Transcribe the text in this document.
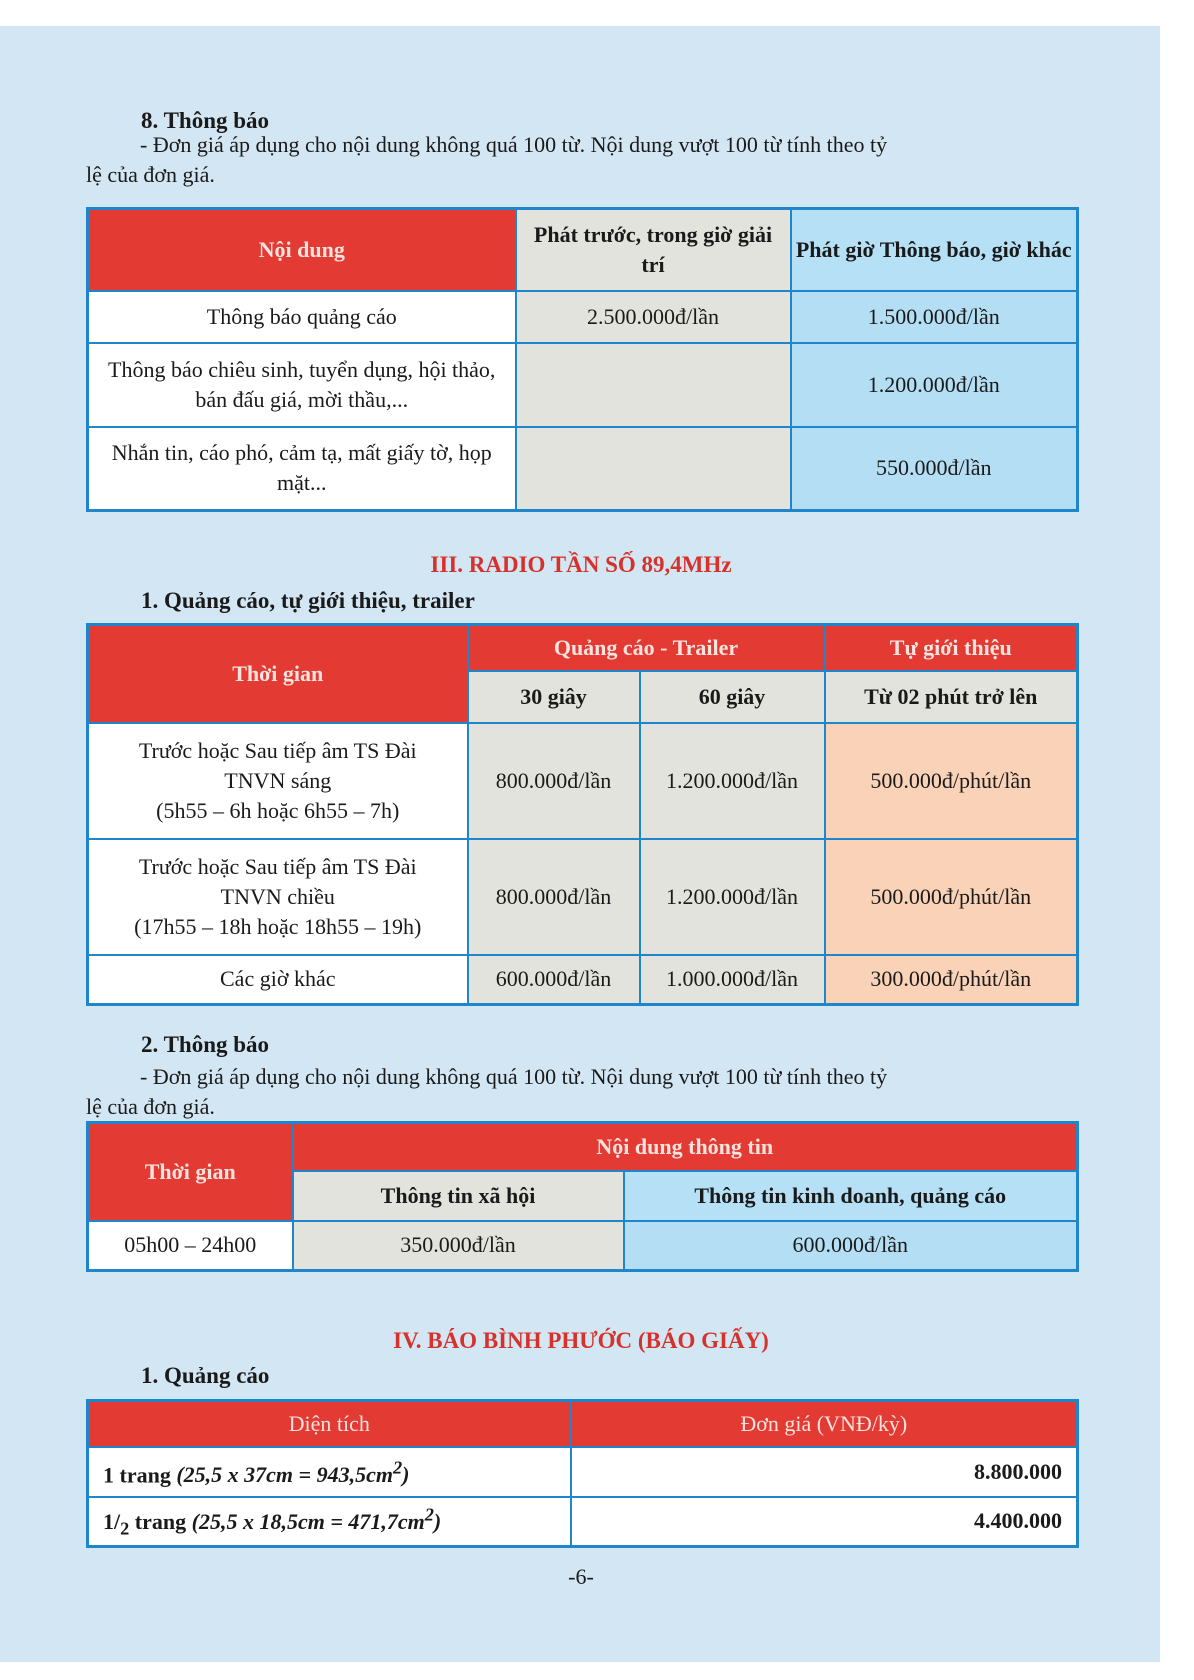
8. Thông báo
- Đơn giá áp dụng cho nội dung không quá 100 từ. Nội dung vượt 100 từ tính theo tỷ
lệ của đơn giá.
Nội dung	Phát trước, trong giờ giải trí	Phát giờ Thông báo, giờ khác
Thông báo quảng cáo	2.500.000đ/lần	1.500.000đ/lần
Thông báo chiêu sinh, tuyển dụng, hội thảo, bán đấu giá, mời thầu,...		1.200.000đ/lần
Nhắn tin, cáo phó, cảm tạ, mất giấy tờ, họp mặt...		550.000đ/lần
III. RADIO TẦN SỐ 89,4MHz
1. Quảng cáo, tự giới thiệu, trailer
Thời gian	Quảng cáo - Trailer		Tự giới thiệu
	30 giây	60 giây	Từ 02 phút trở lên

Trước hoặc Sau tiếp âm TS Đài
TNVN sáng
(5h55 – 6h hoặc 6h55 – 7h)	800.000đ/lần	1.200.000đ/lần	500.000đ/phút/lần

Trước hoặc Sau tiếp âm TS Đài
TNVN chiều
(17h55 – 18h hoặc 18h55 – 19h)	800.000đ/lần	1.200.000đ/lần	500.000đ/phút/lần
Các giờ khác	600.000đ/lần	1.000.000đ/lần	300.000đ/phút/lần
2. Thông báo
- Đơn giá áp dụng cho nội dung không quá 100 từ. Nội dung vượt 100 từ tính theo tỷ
lệ của đơn giá.
Thời gian	Nội dung thông tin	
	Thông tin xã hội	Thông tin kinh doanh, quảng cáo
05h00 – 24h00	350.000đ/lần	600.000đ/lần
IV. BÁO BÌNH PHƯỚC (BÁO GIẤY)
1. Quảng cáo
Diện tích	Đơn giá (VNĐ/kỳ)
1 trang (25,5 x $37cm = 943,5cm^2$)	8.800.000
$1/_2$ trang (25,5 x $18,5cm = 471,7cm^2$)	4.400.000
-6-
